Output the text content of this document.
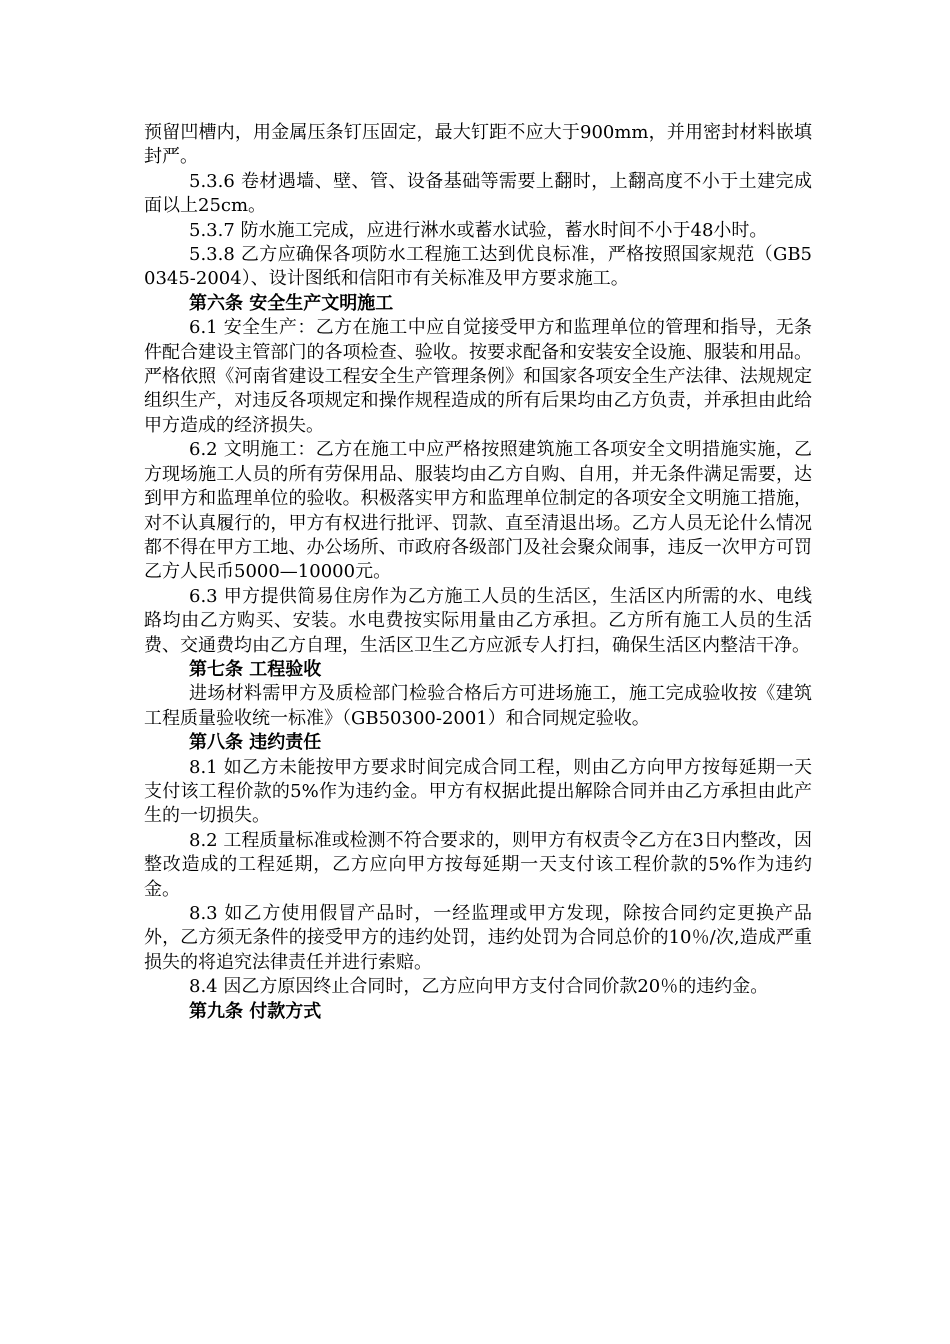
预留凹槽内，用金属压条钉压固定，最大钉距不应大于900mm，并用密封材料嵌填封严。

5.3.6 卷材遇墙、壁、管、设备基础等需要上翻时，上翻高度不小于土建完成面以上25cm。

5.3.7 防水施工完成，应进行淋水或蓄水试验，蓄水时间不小于48小时。

5.3.8 乙方应确保各项防水工程施工达到优良标准，严格按照国家规范（GB50345-2004）、设计图纸和信阳市有关标准及甲方要求施工。

第六条 安全生产文明施工

6.1 安全生产：乙方在施工中应自觉接受甲方和监理单位的管理和指导，无条件配合建设主管部门的各项检查、验收。按要求配备和安装安全设施、服装和用品。严格依照《河南省建设工程安全生产管理条例》和国家各项安全生产法律、法规规定组织生产，对违反各项规定和操作规程造成的所有后果均由乙方负责，并承担由此给甲方造成的经济损失。

6.2 文明施工：乙方在施工中应严格按照建筑施工各项安全文明措施实施，乙方现场施工人员的所有劳保用品、服装均由乙方自购、自用，并无条件满足需要，达到甲方和监理单位的验收。积极落实甲方和监理单位制定的各项安全文明施工措施，对不认真履行的，甲方有权进行批评、罚款、直至清退出场。乙方人员无论什么情况都不得在甲方工地、办公场所、市政府各级部门及社会聚众闹事，违反一次甲方可罚乙方人民币5000—10000元。

6.3 甲方提供简易住房作为乙方施工人员的生活区，生活区内所需的水、电线路均由乙方购买、安装。水电费按实际用量由乙方承担。乙方所有施工人员的生活费、交通费均由乙方自理，生活区卫生乙方应派专人打扫，确保生活区内整洁干净。

第七条 工程验收

进场材料需甲方及质检部门检验合格后方可进场施工，施工完成验收按《建筑工程质量验收统一标准》（GB50300-2001）和合同规定验收。

第八条 违约责任

8.1 如乙方未能按甲方要求时间完成合同工程，则由乙方向甲方按每延期一天支付该工程价款的5%作为违约金。甲方有权据此提出解除合同并由乙方承担由此产生的一切损失。

8.2 工程质量标准或检测不符合要求的，则甲方有权责令乙方在3日内整改，因整改造成的工程延期，乙方应向甲方按每延期一天支付该工程价款的5%作为违约金。

8.3 如乙方使用假冒产品时，一经监理或甲方发现，除按合同约定更换产品外，乙方须无条件的接受甲方的违约处罚，违约处罚为合同总价的10％/次,造成严重损失的将追究法律责任并进行索赔。

8.4 因乙方原因终止合同时，乙方应向甲方支付合同价款20％的违约金。

第九条 付款方式
